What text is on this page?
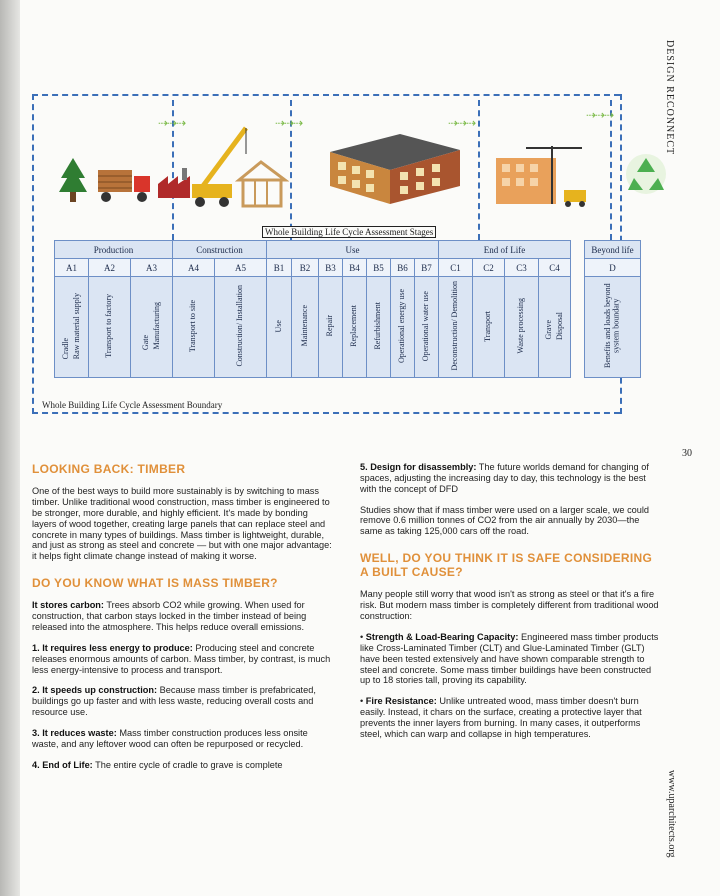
DESIGN RECONNECT
30
www.uparchitects.org
⇢⇢⇢	⇢⇢⇢	⇢⇢⇢
⇢⇢⇢
Whole Building Life Cycle Assessment Stages
Production			Construction		Use							End of Life					Beyond life
A1	A2	A3	A4	A5	B1	B2	B3	B4	B5	B6	B7	C1	C2	C3	C4		D
Cradle Raw material supply	Transport to factory	Gate Manufacturing	Transport to site	Construction/ Installation	Use	Maintenance	Repair	Replacement	Refurbishment	Operational energy use	Operational water use	Deconstruction/ Demolition	Transport	Waste processing	Grave Disposal		Benefits and loads beyond system boundary
Whole Building Life Cycle Assessment Boundary
LOOKING BACK: TIMBER

One of the best ways to build more sustainably is by switching to mass timber. Unlike traditional wood construction, mass timber is engineered to be stronger, more durable, and highly efficient. It's made by bonding layers of wood together, creating large panels that can replace steel and concrete in many types of buildings. Mass timber is lightweight, durable, and just as strong as steel and concrete — but with one major advantage: it helps fight climate change instead of making it worse.

DO YOU KNOW WHAT IS MASS TIMBER?

It stores carbon: Trees absorb CO2 while growing. When used for construction, that carbon stays locked in the timber instead of being released into the atmosphere. This helps reduce overall emissions.

1. It requires less energy to produce: Producing steel and concrete releases enormous amounts of carbon. Mass timber, by contrast, is much less energy-intensive to process and transport.

2. It speeds up construction: Because mass timber is prefabricated, buildings go up faster and with less waste, reducing overall costs and resource use.

3. It reduces waste: Mass timber construction produces less onsite waste, and any leftover wood can often be repurposed or recycled.

4. End of Life: The entire cycle of cradle to grave is complete

5. Design for disassembly: The future worlds demand for changing of spaces, adjusting the increasing day to day, this technology is the best with the concept of DFD

Studies show that if mass timber were used on a larger scale, we could remove 0.6 million tonnes of CO2 from the air annually by 2030—the same as taking 125,000 cars off the road.

WELL, DO YOU THINK IT IS SAFE CONSIDERING A BUILT CAUSE?

Many people still worry that wood isn't as strong as steel or that it's a fire risk. But modern mass timber is completely different from traditional wood construction:

• Strength & Load-Bearing Capacity: Engineered mass timber products like Cross-Laminated Timber (CLT) and Glue-Laminated Timber (GLT) have been tested extensively and have shown comparable strength to steel and concrete. Some mass timber buildings have been constructed up to 18 stories tall, proving its capability.

• Fire Resistance: Unlike untreated wood, mass timber doesn't burn easily. Instead, it chars on the surface, creating a protective layer that prevents the inner layers from burning. In many cases, it outperforms steel, which can warp and collapse in high temperatures.
